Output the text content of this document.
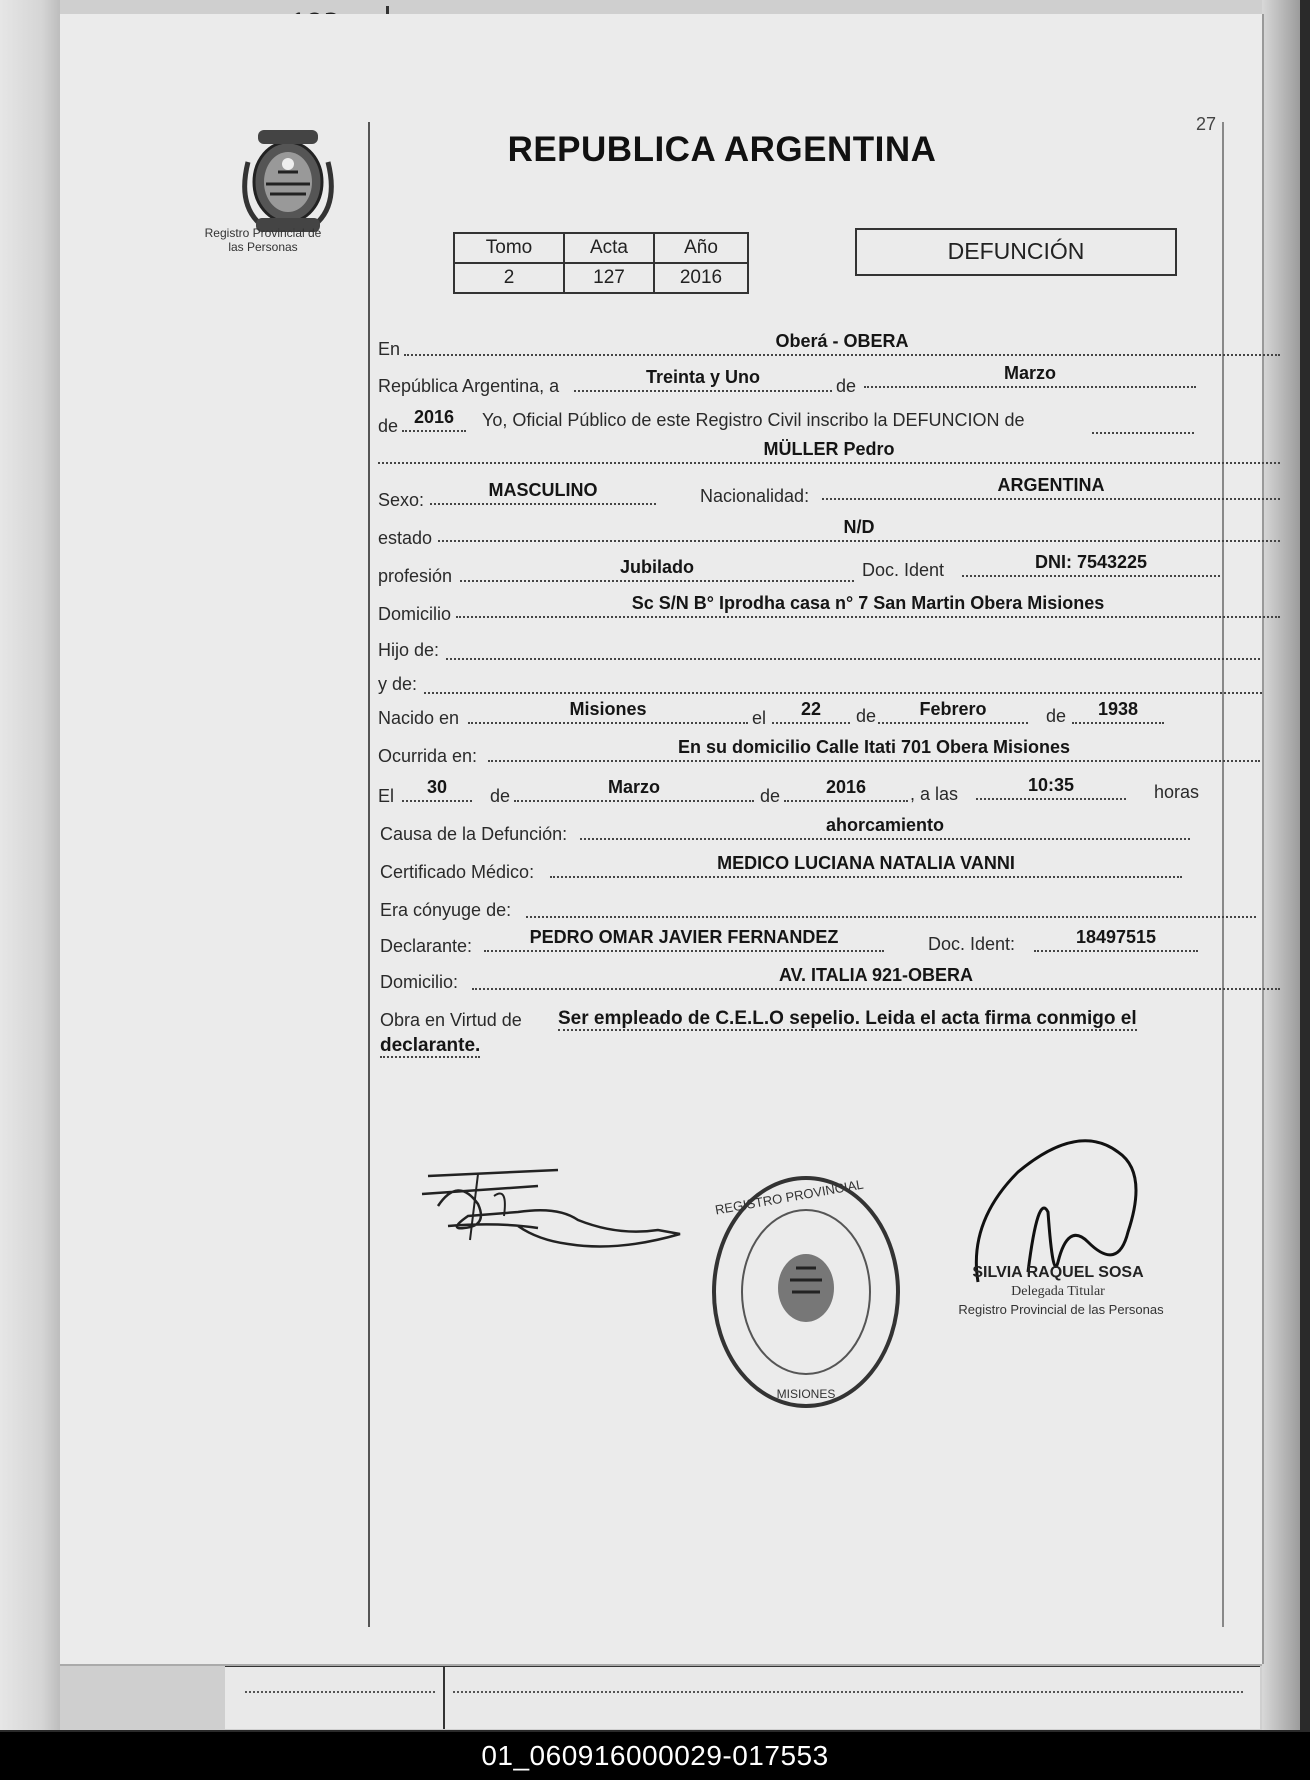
27
Registro Provincial de
las Personas
REPUBLICA ARGENTINA
Tomo	Acta	Año
2	127	2016
DEFUNCIÓN
En	Oberá - OBERA
República Argentina, a	Treinta y Uno	de
Marzo
de 2016	Yo, Oficial Público de este Registro Civil inscribo la DEFUNCION de
MÜLLER Pedro
Sexo:	MASCULINO	Nacionalidad:
ARGENTINA
estado
N/D
profesión	Jubilado	Doc. Ident	DNI: 7543225
Domicilio
Sc S/N B° Iprodha casa n° 7 San Martin Obera Misiones
Hijo de:
y de:
Nacido en	Misiones	el	22	de	Febrero	de	1938
Ocurrida en:	En su domicilio Calle Itati 701 Obera Misiones
El	30	de	Marzo	de	2016	, a las	10:35	horas
Causa de la Defunción:	ahorcamiento
Certificado Médico:	MEDICO LUCIANA NATALIA VANNI
Era cónyuge de:
Declarante:	PEDRO OMAR JAVIER FERNANDEZ	Doc. Ident:	18497515
Domicilio:	AV. ITALIA 921-OBERA
Obra en Virtud de Ser empleado de C.E.L.O sepelio. Leida el acta firma conmigo el
declarante.
REGISTRO PROVINCIAL
MISIONES
SILVIA RAQUEL SOSA
Delegada Titular
Registro Provincial de las Personas
01_060916000029-017553
